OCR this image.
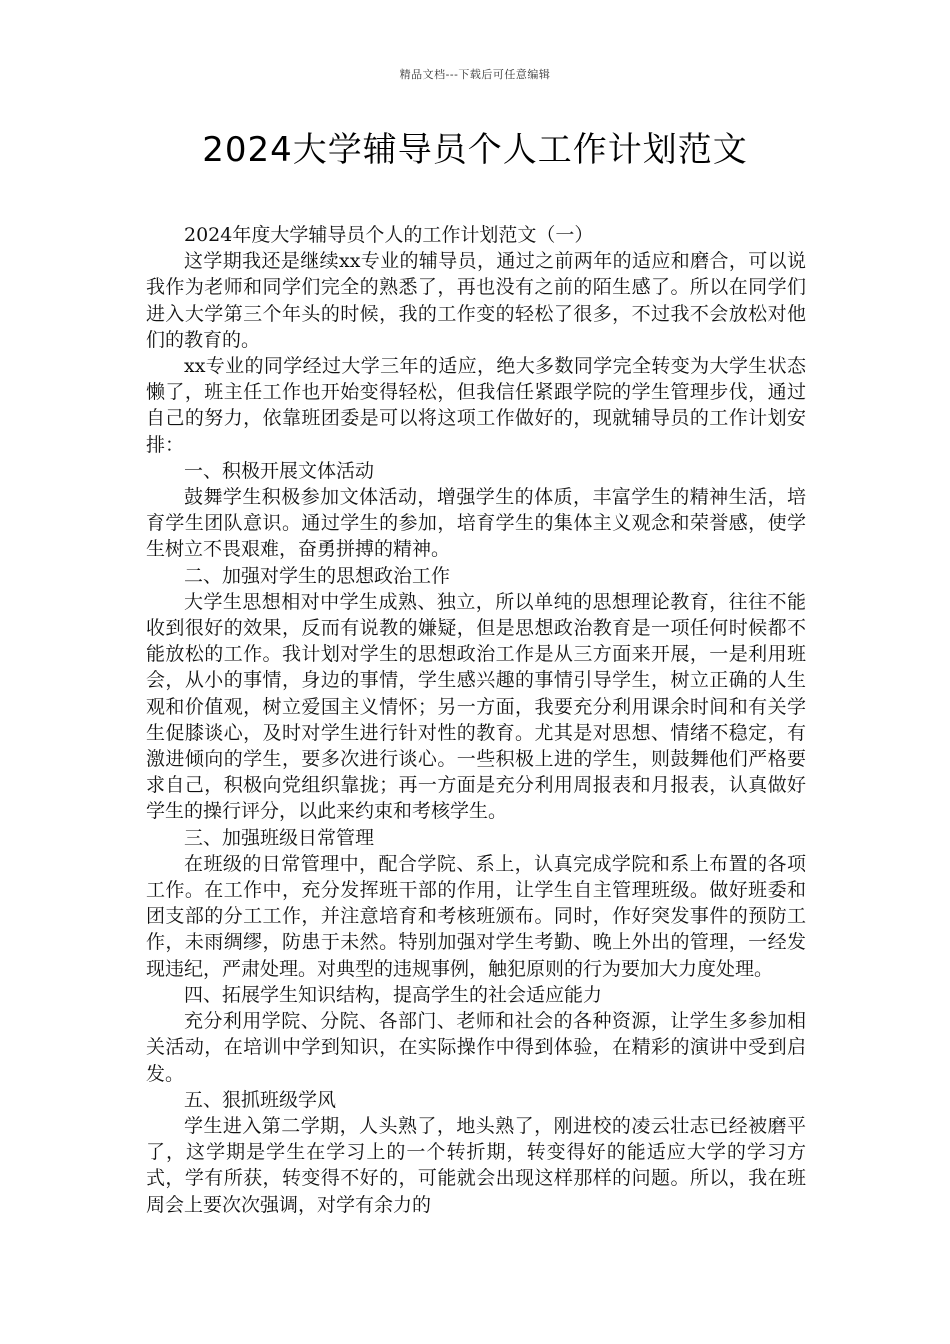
精品文档---下载后可任意编辑
2024大学辅导员个人工作计划范文

2024年度大学辅导员个人的工作计划范文（一）

这学期我还是继续xx专业的辅导员，通过之前两年的适应和磨合，可以说我作为老师和同学们完全的熟悉了，再也没有之前的陌生感了。所以在同学们进入大学第三个年头的时候，我的工作变的轻松了很多，不过我不会放松对他们的教育的。

xx专业的同学经过大学三年的适应，绝大多数同学完全转变为大学生状态懒了，班主任工作也开始变得轻松，但我信任紧跟学院的学生管理步伐，通过自己的努力，依靠班团委是可以将这项工作做好的，现就辅导员的工作计划安排：

一、积极开展文体活动

鼓舞学生积极参加文体活动，增强学生的体质，丰富学生的精神生活，培育学生团队意识。通过学生的参加，培育学生的集体主义观念和荣誉感，使学生树立不畏艰难，奋勇拼搏的精神。

二、加强对学生的思想政治工作

大学生思想相对中学生成熟、独立，所以单纯的思想理论教育，往往不能收到很好的效果，反而有说教的嫌疑，但是思想政治教育是一项任何时候都不能放松的工作。我计划对学生的思想政治工作是从三方面来开展，一是利用班会，从小的事情，身边的事情，学生感兴趣的事情引导学生，树立正确的人生观和价值观，树立爱国主义情怀；另一方面，我要充分利用课余时间和有关学生促膝谈心，及时对学生进行针对性的教育。尤其是对思想、情绪不稳定，有激进倾向的学生，要多次进行谈心。一些积极上进的学生，则鼓舞他们严格要求自己，积极向党组织靠拢；再一方面是充分利用周报表和月报表，认真做好学生的操行评分，以此来约束和考核学生。

三、加强班级日常管理

在班级的日常管理中，配合学院、系上，认真完成学院和系上布置的各项工作。在工作中，充分发挥班干部的作用，让学生自主管理班级。做好班委和团支部的分工工作，并注意培育和考核班颁布。同时，作好突发事件的预防工作，未雨绸缪，防患于未然。特别加强对学生考勤、晚上外出的管理，一经发现违纪，严肃处理。对典型的违规事例，触犯原则的行为要加大力度处理。

四、拓展学生知识结构，提高学生的社会适应能力

充分利用学院、分院、各部门、老师和社会的各种资源，让学生多参加相关活动，在培训中学到知识，在实际操作中得到体验，在精彩的演讲中受到启发。

五、狠抓班级学风

学生进入第二学期，人头熟了，地头熟了，刚进校的凌云壮志已经被磨平了，这学期是学生在学习上的一个转折期，转变得好的能适应大学的学习方式，学有所获，转变得不好的，可能就会出现这样那样的问题。所以，我在班周会上要次次强调，对学有余力的
